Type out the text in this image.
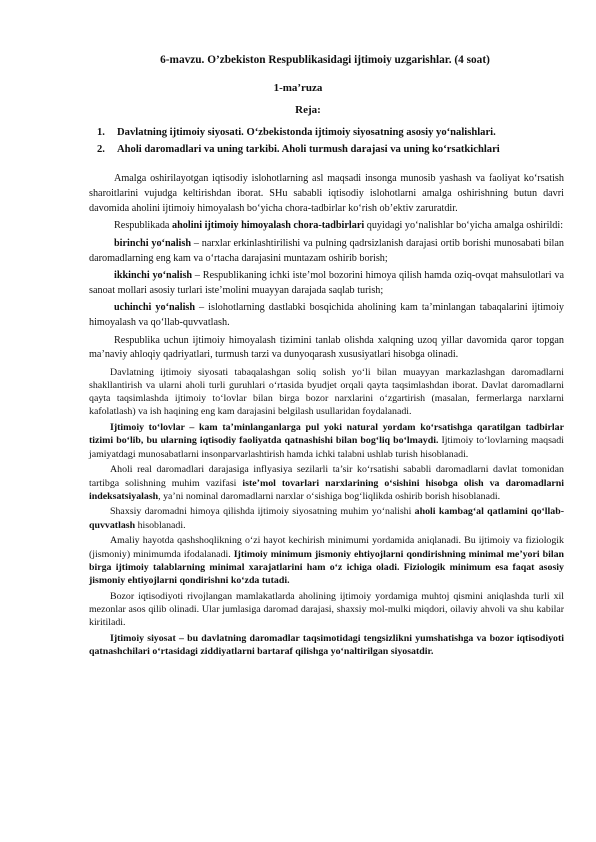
6-mavzu. O’zbekiston Respublikasidagi ijtimoiy uzgarishlar. (4 soat)
1-ma’ruza
Reja:
1. Davlatning ijtimoiy siyosati. O‘zbekistonda ijtimoiy siyosatning asosiy yo‘nalishlari.
2. Aholi daromadlari va uning tarkibi. Aholi turmush darajasi va uning ko‘rsatkichlari

Amalga oshirilayotgan iqtisodiy islohotlarning asl maqsadi insonga munosib yashash va faoliyat ko‘rsatish sharoitlarini vujudga keltirishdan iborat. SHu sababli iqtisodiy islohotlarni amalga oshirishning butun davri davomida aholini ijtimoiy himoyalash bo‘yicha chora-tadbirlar ko‘rish ob’ektiv zaruratdir.

Respublikada aholini ijtimoiy himoyalash chora-tadbirlari quyidagi yo‘nalishlar bo‘yicha amalga oshirildi:

birinchi yo‘nalish – narxlar erkinlashtirilishi va pulning qadrsizlanish darajasi ortib borishi munosabati bilan daromadlarning eng kam va o‘rtacha darajasini muntazam oshirib borish;

ikkinchi yo‘nalish – Respublikaning ichki iste’mol bozorini himoya qilish hamda oziq-ovqat mahsulotlari va sanoat mollari asosiy turlari iste’molini muayyan darajada saqlab turish;

uchinchi yo‘nalish – islohotlarning dastlabki bosqichida aholining kam ta’minlangan tabaqalarini ijtimoiy himoyalash va qo‘llab-quvvatlash.

Respublika uchun ijtimoiy himoyalash tizimini tanlab olishda xalqning uzoq yillar davomida qaror topgan ma’naviy ahloqiy qadriyatlari, turmush tarzi va dunyoqarash xususiyatlari hisobga olinadi.

Davlatning ijtimoiy siyosati tabaqalashgan soliq solish yo‘li bilan muayyan markazlashgan daromadlarni shakllantirish va ularni aholi turli guruhlari o‘rtasida byudjet orqali qayta taqsimlashdan iborat. Davlat daromadlarni qayta taqsimlashda ijtimoiy to‘lovlar bilan birga bozor narxlarini o‘zgartirish (masalan, fermerlarga narxlarni kafolatlash) va ish haqining eng kam darajasini belgilash usullaridan foydalanadi.

Ijtimoiy to‘lovlar – kam ta’minlanganlarga pul yoki natural yordam ko‘rsatishga qaratilgan tadbirlar tizimi bo‘lib, bu ularning iqtisodiy faoliyatda qatnashishi bilan bog‘liq bo‘lmaydi. Ijtimoiy to‘lovlarning maqsadi jamiyatdagi munosabatlarni insonparvarlashtirish hamda ichki talabni ushlab turish hisoblanadi.

Aholi real daromadlari darajasiga inflyasiya sezilarli ta’sir ko‘rsatishi sababli daromadlarni davlat tomonidan tartibga solishning muhim vazifasi iste’mol tovarlari narxlarining o‘sishini hisobga olish va daromadlarni indeksatsiyalash, ya’ni nominal daromadlarni narxlar o‘sishiga bog‘liqlikda oshirib borish hisoblanadi.

Shaxsiy daromadni himoya qilishda ijtimoiy siyosatning muhim yo‘nalishi aholi kambag‘al qatlamini qo‘llab-quvvatlash hisoblanadi.

Amaliy hayotda qashshoqlikning o‘zi hayot kechirish minimumi yordamida aniqlanadi. Bu ijtimoiy va fiziologik (jismoniy) minimumda ifodalanadi. Ijtimoiy minimum jismoniy ehtiyojlarni qondirishning minimal me’yori bilan birga ijtimoiy talablarning minimal xarajatlarini ham o‘z ichiga oladi. Fiziologik minimum esa faqat asosiy jismoniy ehtiyojlarni qondirishni ko‘zda tutadi.

Bozor iqtisodiyoti rivojlangan mamlakatlarda aholining ijtimoiy yordamiga muhtoj qismini aniqlashda turli xil mezonlar asos qilib olinadi. Ular jumlasiga daromad darajasi, shaxsiy mol-mulki miqdori, oilaviy ahvoli va shu kabilar kiritiladi.

Ijtimoiy siyosat – bu davlatning daromadlar taqsimotidagi tengsizlikni yumshatishga va bozor iqtisodiyoti qatnashchilari o‘rtasidagi ziddiyatlarni bartaraf qilishga yo‘naltirilgan siyosatdir.
